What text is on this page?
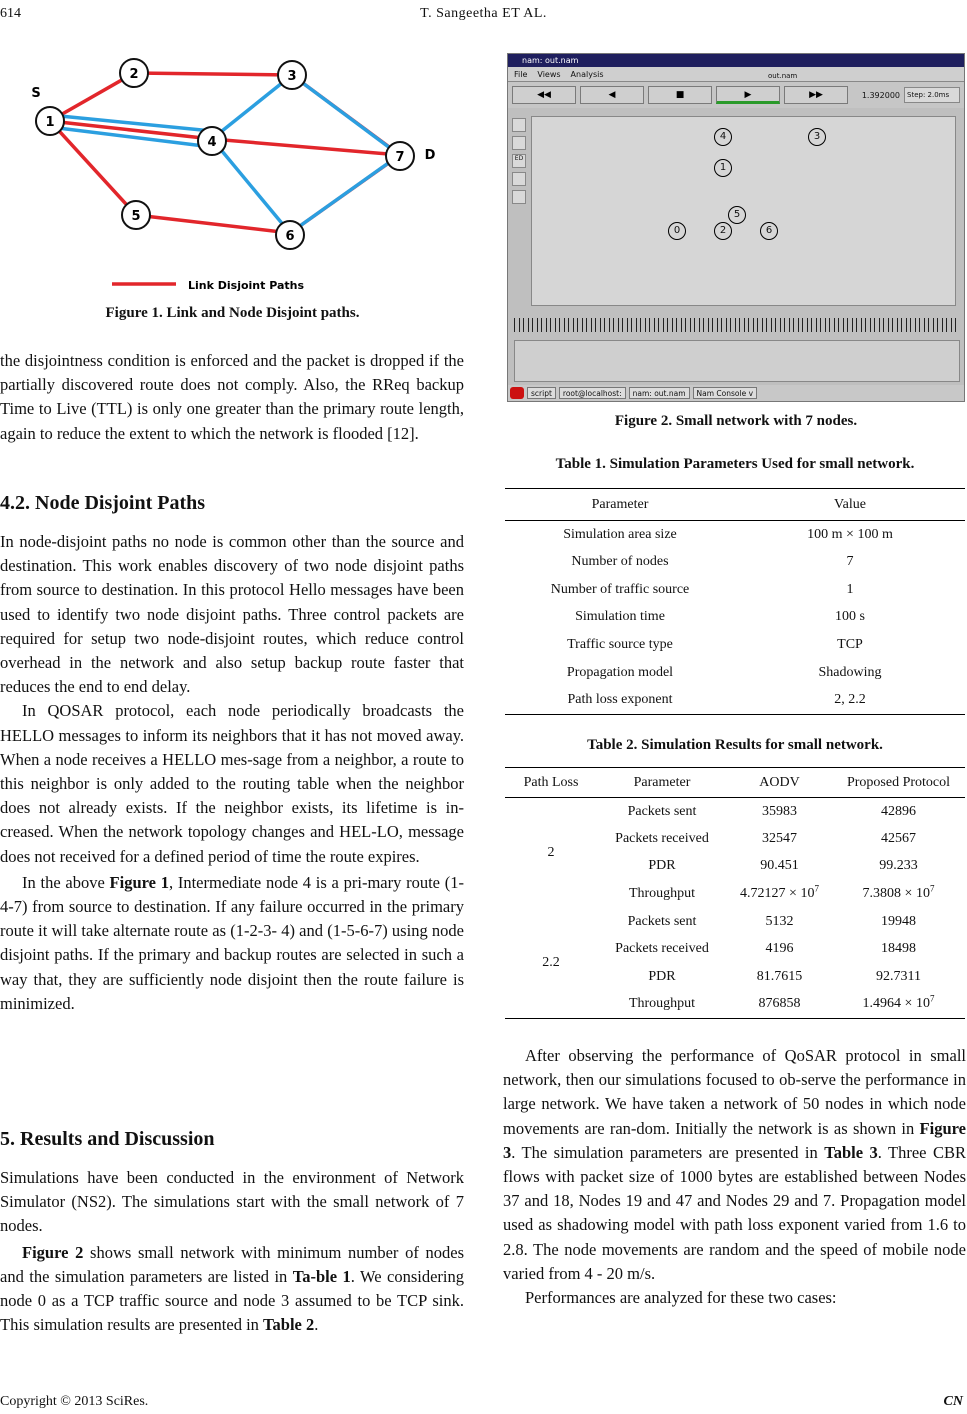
614	T. Sangeetha ET AL.
1
2	3
4
5
6
7
S
D
Link Disjoint Paths
Figure 1. Link and Node Disjoint paths.

the disjointness condition is enforced and the packet is dropped if the partially discovered route does not comply. Also, the RReq backup Time to Live (TTL) is only one greater than the primary route length, again to reduce the extent to which the network is flooded [12].

4.2. Node Disjoint Paths

In node-disjoint paths no node is common other than the source and destination. This work enables discovery of two node disjoint paths from source to destination. In this protocol Hello messages have been used to identify two node disjoint paths. Three control packets are required for setup two node-disjoint routes, which reduce control overhead in the network and also setup backup route faster that reduces the end to end delay.

In QOSAR protocol, each node periodically broadcasts the HELLO messages to inform its neighbors that it has not moved away. When a node receives a HELLO mes-sage from a neighbor, a route to this neighbor is only added to the routing table when the neighbor does not already exists. If the neighbor exists, its lifetime is in-creased. When the network topology changes and HEL-LO, message does not received for a defined period of time the route expires.

In the above Figure 1, Intermediate node 4 is a pri-mary route (1-4-7) from source to destination. If any failure occurred in the primary route it will take alternate route as (1-2-3- 4) and (1-5-6-7) using node disjoint paths. If the primary and backup routes are selected in such a way that, they are sufficiently node disjoint then the route failure is minimized.

5. Results and Discussion

Simulations have been conducted in the environment of Network Simulator (NS2). The simulations start with the small network of 7 nodes.

Figure 2 shows small network with minimum number of nodes and the simulation parameters are listed in Ta-ble 1. We considering node 0 as a TCP traffic source and node 3 assumed to be TCP sink. This simulation results are presented in Table 2.

nam: out.nam
File Views Analysis	out.nam
◀◀	◀	■	▶	▶▶	1.392000	Step: 2.0ms
ED
4	3
1
5
0	2	6
script	root@localhost:	nam: out.nam	Nam Console v
Figure 2. Small network with 7 nodes.
Table 1. Simulation Parameters Used for small network.
Parameter	Value
Simulation area size	100 m × 100 m
Number of nodes	7
Number of traffic source	1
Simulation time	100 s
Traffic source type	TCP
Propagation model	Shadowing
Path loss exponent	2, 2.2
Table 2. Simulation Results for small network.
Path Loss	Parameter	AODV	Proposed Protocol
2	Packets sent	35983	42896
	Packets received	32547	42567
	PDR	90.451	99.233
	Throughput	$4.72127 \times 10^7$	$7.3808 \times 10^7$
2.2	Packets sent	5132	19948
	Packets received	4196	18498
	PDR	81.7615	92.7311
	Throughput	876858	$1.4964 \times 10^7$

After observing the performance of QoSAR protocol in small network, then our simulations focused to ob-serve the performance in large network. We have taken a network of 50 nodes in which node movements are ran-dom. Initially the network is as shown in Figure 3. The simulation parameters are presented in Table 3. Three CBR flows with packet size of 1000 bytes are established between Nodes 37 and 18, Nodes 19 and 47 and Nodes 29 and 7. Propagation model used as shadowing model with path loss exponent varied from 1.6 to 2.8. The node movements are random and the speed of mobile node varied from 4 - 20 m/s.

Performances are analyzed for these two cases:

Copyright © 2013 SciRes.	CN
